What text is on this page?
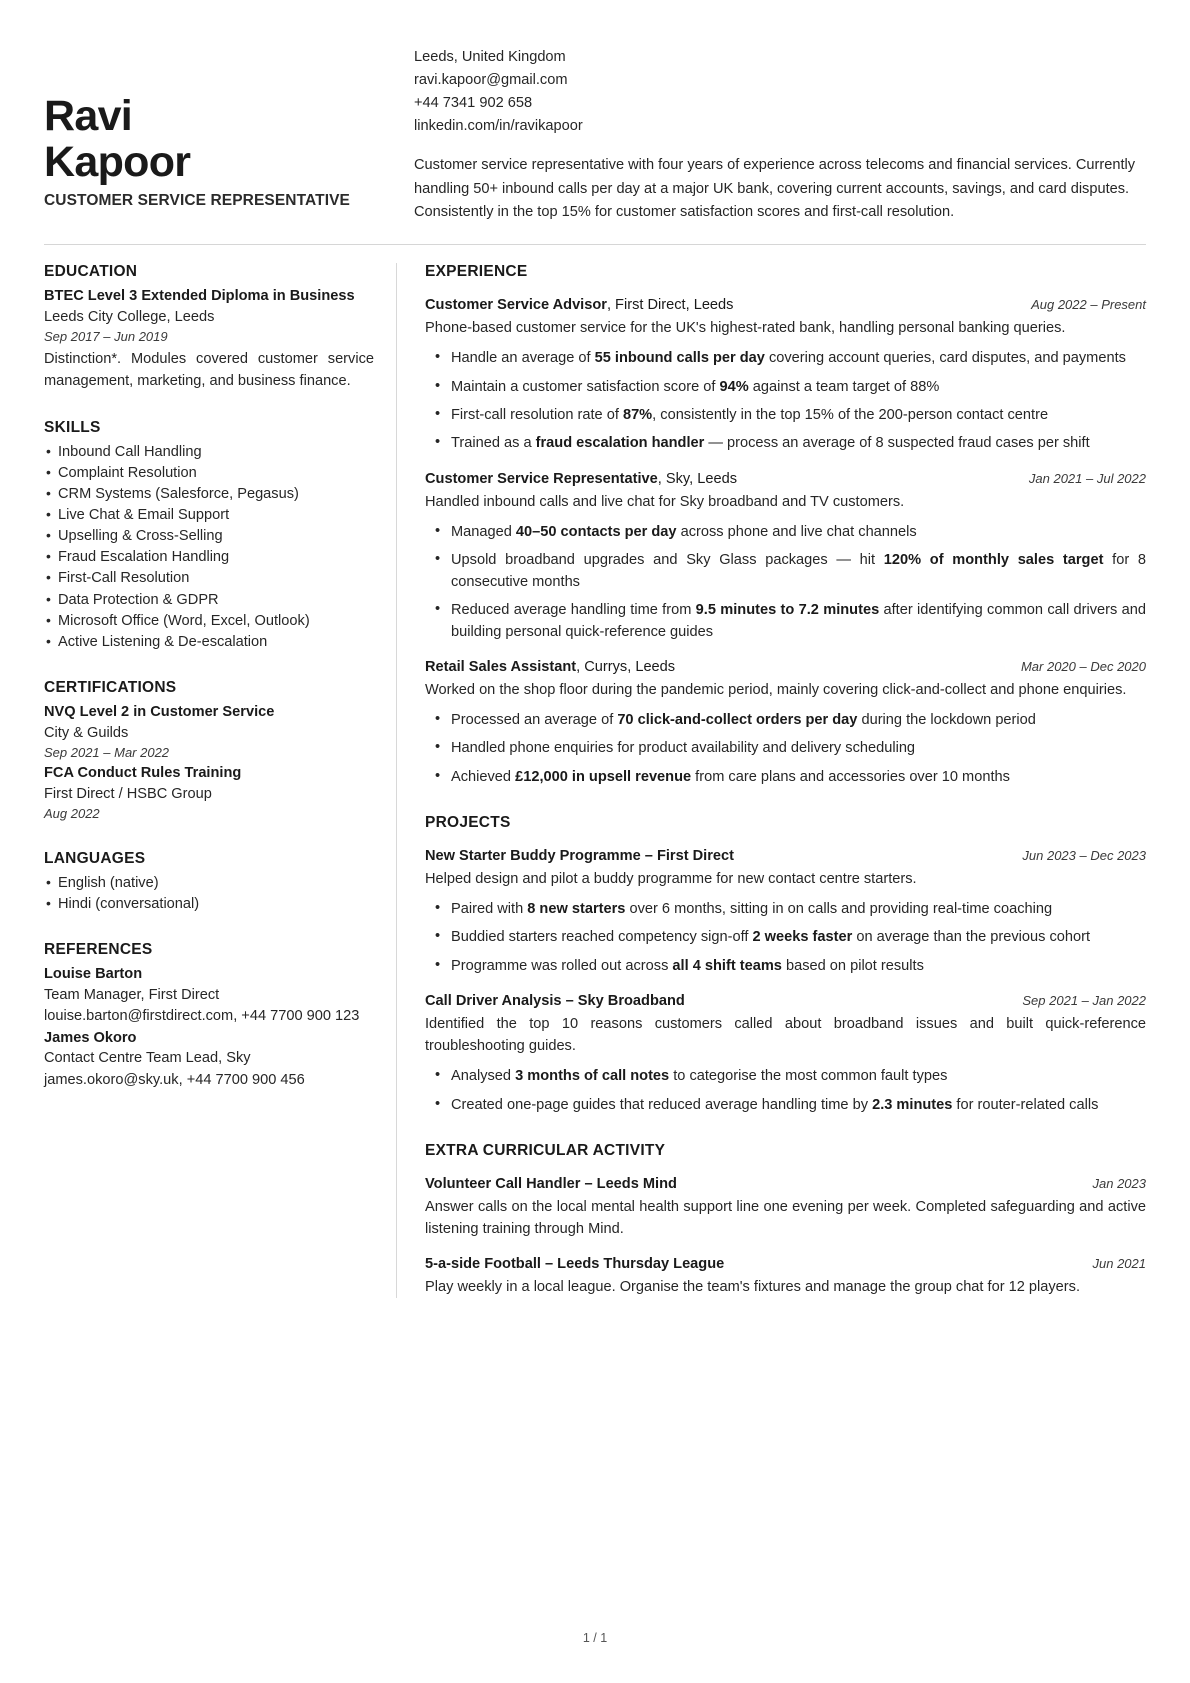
Ravi
Kapoor
CUSTOMER SERVICE REPRESENTATIVE
Leeds, United Kingdom
ravi.kapoor@gmail.com
+44 7341 902 658
linkedin.com/in/ravikapoor
Customer service representative with four years of experience across telecoms and financial services. Currently handling 50+ inbound calls per day at a major UK bank, covering current accounts, savings, and card disputes. Consistently in the top 15% for customer satisfaction scores and first-call resolution.
EDUCATION
BTEC Level 3 Extended Diploma in Business
Leeds City College, Leeds
Sep 2017 – Jun 2019
Distinction*. Modules covered customer service management, marketing, and business finance.
SKILLS
• Inbound Call Handling
• Complaint Resolution
• CRM Systems (Salesforce, Pegasus)
• Live Chat & Email Support
• Upselling & Cross-Selling
• Fraud Escalation Handling
• First-Call Resolution
• Data Protection & GDPR
• Microsoft Office (Word, Excel, Outlook)
• Active Listening & De-escalation
CERTIFICATIONS
NVQ Level 2 in Customer Service
City & Guilds
Sep 2021 – Mar 2022
FCA Conduct Rules Training
First Direct / HSBC Group
Aug 2022
LANGUAGES
• English (native)
• Hindi (conversational)
REFERENCES
Louise Barton
Team Manager, First Direct
louise.barton@firstdirect.com, +44 7700 900 123
James Okoro
Contact Centre Team Lead, Sky
james.okoro@sky.uk, +44 7700 900 456
EXPERIENCE
Customer Service Advisor, First Direct, Leeds	Aug 2022 – Present
Phone-based customer service for the UK's highest-rated bank, handling personal banking queries.
• Handle an average of 55 inbound calls per day covering account queries, card disputes, and payments
• Maintain a customer satisfaction score of 94% against a team target of 88%
• First-call resolution rate of 87%, consistently in the top 15% of the 200-person contact centre
• Trained as a fraud escalation handler — process an average of 8 suspected fraud cases per shift
Customer Service Representative, Sky, Leeds	Jan 2021 – Jul 2022
Handled inbound calls and live chat for Sky broadband and TV customers.
• Managed 40–50 contacts per day across phone and live chat channels
• Upsold broadband upgrades and Sky Glass packages — hit 120% of monthly sales target for 8 consecutive months
• Reduced average handling time from 9.5 minutes to 7.2 minutes after identifying common call drivers and building personal quick-reference guides
Retail Sales Assistant, Currys, Leeds	Mar 2020 – Dec 2020
Worked on the shop floor during the pandemic period, mainly covering click-and-collect and phone enquiries.
• Processed an average of 70 click-and-collect orders per day during the lockdown period
• Handled phone enquiries for product availability and delivery scheduling
• Achieved £12,000 in upsell revenue from care plans and accessories over 10 months
PROJECTS
New Starter Buddy Programme – First Direct	Jun 2023 – Dec 2023
Helped design and pilot a buddy programme for new contact centre starters.
• Paired with 8 new starters over 6 months, sitting in on calls and providing real-time coaching
• Buddied starters reached competency sign-off 2 weeks faster on average than the previous cohort
• Programme was rolled out across all 4 shift teams based on pilot results
Call Driver Analysis – Sky Broadband	Sep 2021 – Jan 2022
Identified the top 10 reasons customers called about broadband issues and built quick-reference troubleshooting guides.
• Analysed 3 months of call notes to categorise the most common fault types
• Created one-page guides that reduced average handling time by 2.3 minutes for router-related calls
EXTRA CURRICULAR ACTIVITY
Volunteer Call Handler – Leeds Mind	Jan 2023
Answer calls on the local mental health support line one evening per week. Completed safeguarding and active listening training through Mind.
5-a-side Football – Leeds Thursday League	Jun 2021
Play weekly in a local league. Organise the team's fixtures and manage the group chat for 12 players.
1 / 1
